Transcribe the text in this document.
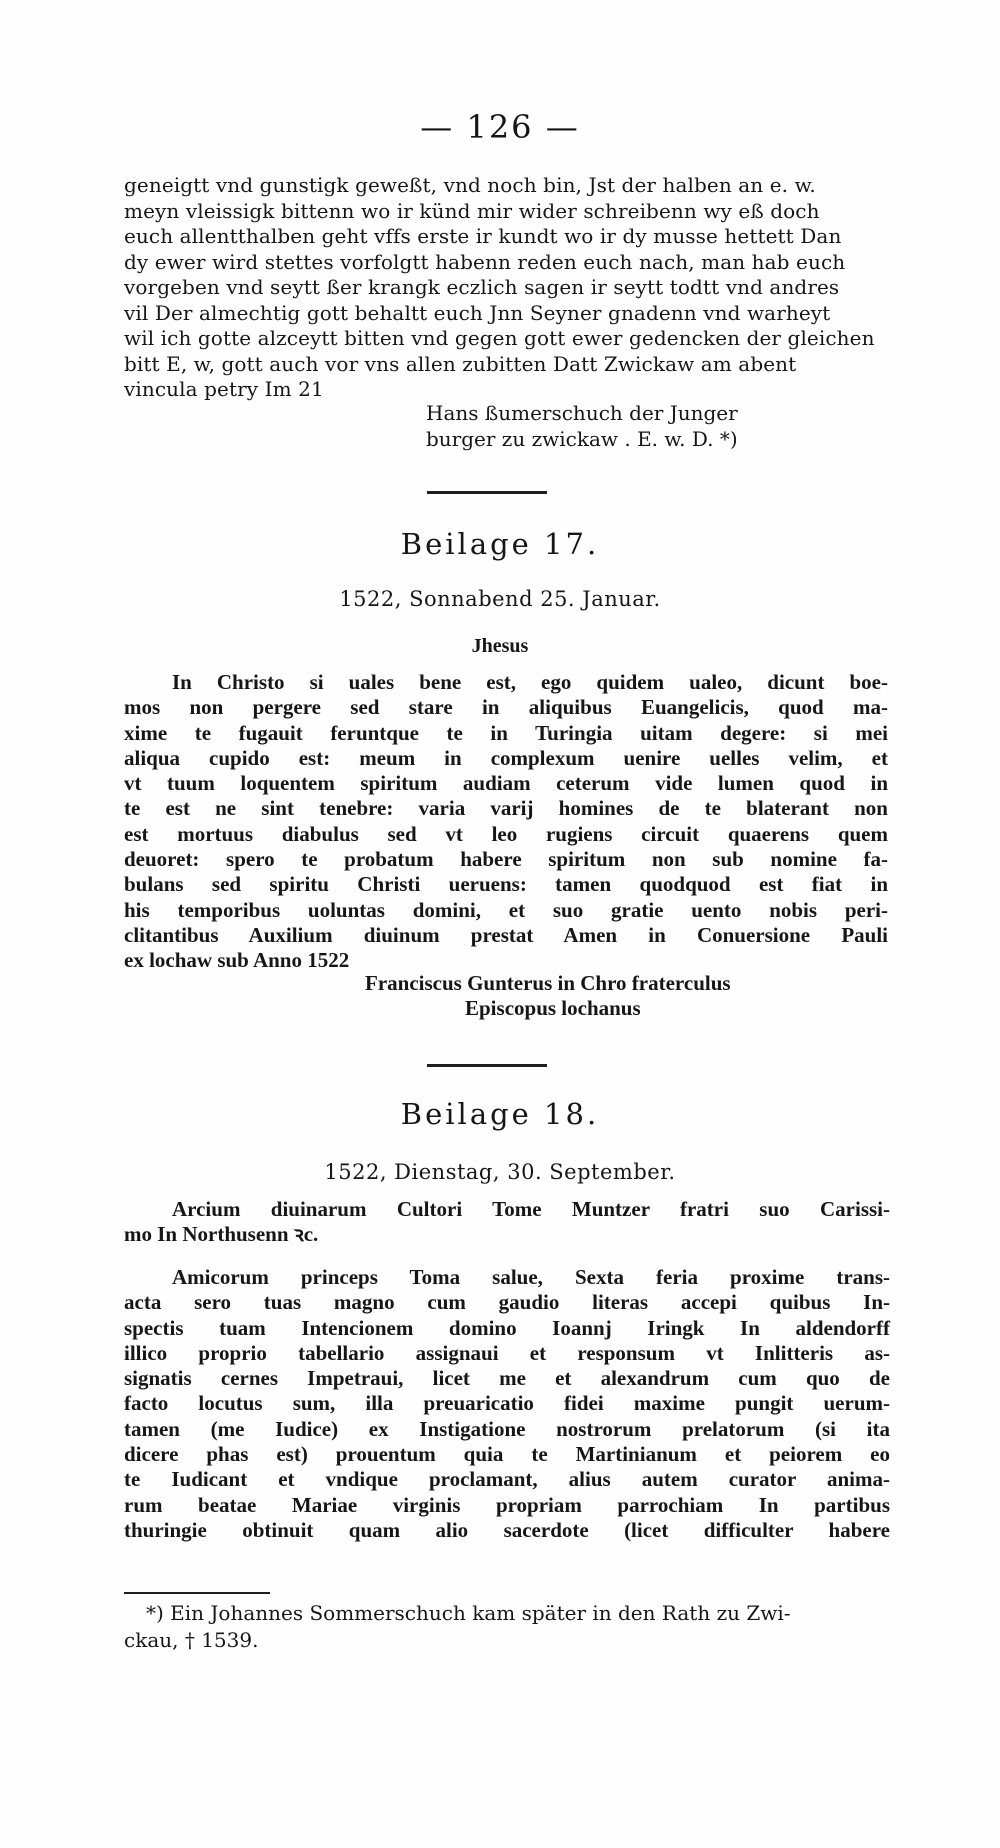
— 126 —
geneigtt vnd gunstigk geweßt, vnd noch bin, Jst der halben an e. w.
meyn vleissigk bittenn wo ir künd mir wider schreibenn wy eß doch
euch allentthalben geht vffs erste ir kundt wo ir dy musse hettett Dan
dy ewer wird stettes vorfolgtt habenn reden euch nach, man hab euch
vorgeben vnd seytt ßer krangk eczlich sagen ir seytt todtt vnd andres
vil Der almechtig gott behaltt euch Jnn Seyner gnadenn vnd warheyt
wil ich gotte alzceytt bitten vnd gegen gott ewer gedencken der gleichen
bitt E, w, gott auch vor vns allen zubitten Datt Zwickaw am abent
vincula petry Im 21
Hans ßumerschuch der Junger
burger zu zwickaw . E. w. D. *)
Beilage 17.
1522, Sonnabend 25. Januar.
Jhesus
In Christo si uales bene est, ego quidem ualeo, dicunt boe-
mos non pergere sed stare in aliquibus Euangelicis, quod ma-
xime te fugauit feruntque te in Turingia uitam degere: si mei
aliqua cupido est: meum in complexum uenire uelles velim, et
vt tuum loquentem spiritum audiam ceterum vide lumen quod in
te est ne sint tenebre: varia varij homines de te blaterant non
est mortuus diabulus sed vt leo rugiens circuit quaerens quem
deuoret: spero te probatum habere spiritum non sub nomine fa-
bulans sed spiritu Christi ueruens: tamen quodquod est fiat in
his temporibus uoluntas domini, et suo gratie uento nobis peri-
clitantibus Auxilium diuinum prestat Amen in Conuersione Pauli
ex lochaw sub Anno 1522
Franciscus Gunterus in Chro fraterculus
Episcopus lochanus
Beilage 18.
1522, Dienstag, 30. September.
Arcium diuinarum Cultori Tome Muntzer fratri suo Carissi-
mo In Northusenn ꝛc.
Amicorum princeps Toma salue, Sexta feria proxime trans-
acta sero tuas magno cum gaudio literas accepi quibus In-
spectis tuam Intencionem domino Ioannj Iringk In aldendorff
illico proprio tabellario assignaui et responsum vt Inlitteris as-
signatis cernes Impetraui, licet me et alexandrum cum quo de
facto locutus sum, illa preuaricatio fidei maxime pungit uerum-
tamen (me Iudice) ex Instigatione nostrorum prelatorum (si ita
dicere phas est) prouentum quia te Martinianum et peiorem eo
te Iudicant et vndique proclamant, alius autem curator anima-
rum beatae Mariae virginis propriam parrochiam In partibus
thuringie obtinuit quam alio sacerdote (licet difficulter habere
*) Ein Johannes Sommerschuch kam später in den Rath zu Zwi-
ckau, † 1539.
